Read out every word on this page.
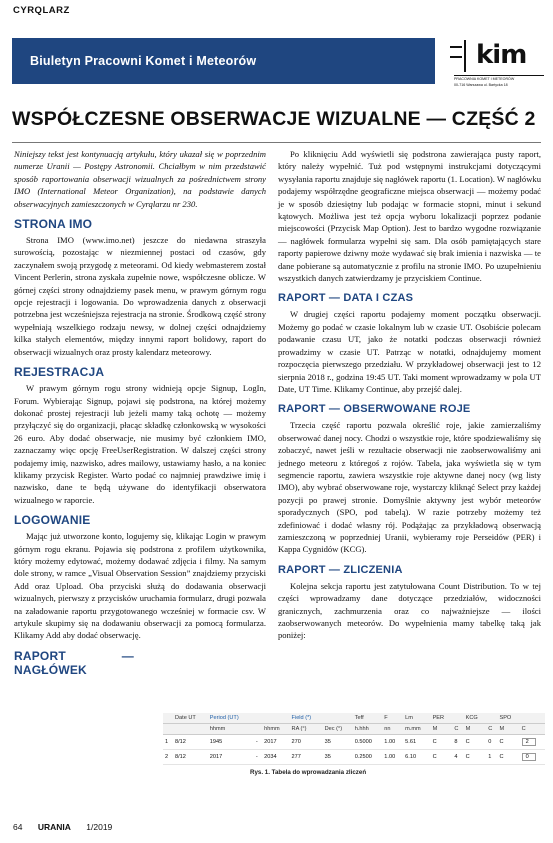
CYRQLARZ
Biuletyn Pracowni Komet i Meteorów	kim
PRACOWNIA KOMET I METEORÓW
00-716 Warszawa ul. Bartycka 18
WSPÓŁCZESNE OBSERWACJE WIZUALNE — CZĘŚĆ 2

Niniejszy tekst jest kontynuacją artykułu, który ukazał się w poprzednim numerze Uranii — Postępy Astronomii. Chciałbym w nim przedstawić sposób raportowania obserwacji wizualnych za pośrednictwem strony IMO (International Meteor Organization), na podstawie danych obserwacyjnych zamieszczonych w Cyrqlarzu nr 230.

STRONA IMO

Strona IMO (www.imo.net) jeszcze do niedawna straszyła surowością, pozostając w niezmiennej postaci od czasów, gdy zaczynałem swoją przygodę z meteorami. Od kiedy webmasterem został Vincent Perlerin, strona zyskała zupełnie nowe, współczesne oblicze. W górnej części strony odnajdziemy pasek menu, w prawym górnym rogu opcje rejestracji i logowania. Do wprowadzenia danych z obserwacji potrzebna jest wcześniejsza rejestracja na stronie. Środkową część strony wypełniają wszelkiego rodzaju newsy, w dolnej części odnajdziemy kilka stałych elementów, między innymi raport bolidowy, raport do obserwacji wizualnych oraz prosty kalendarz meteorowy.

REJESTRACJA

W prawym górnym rogu strony widnieją opcje Signup, LogIn, Forum. Wybierając Signup, pojawi się podstrona, na której możemy dokonać prostej rejestracji lub jeżeli mamy taką ochotę — możemy przyłączyć się do organizacji, płacąc składkę członkowską w wysokości 26 euro. Aby dodać obserwacje, nie musimy być członkiem IMO, zaznaczamy więc opcję FreeUserRegistration. W dalszej części strony podajemy imię, nazwisko, adres mailowy, ustawiamy hasło, a na koniec klikamy przycisk Register. Warto podać co najmniej prawdziwe imię i nazwisko, dane te będą używane do identyfikacji obserwatora wizualnego w raporcie.

LOGOWANIE

Mając już utworzone konto, logujemy się, klikając Login w prawym górnym rogu ekranu. Pojawia się podstrona z profilem użytkownika, który możemy edytować, możemy dodawać zdjęcia i filmy. Na samym dole strony, w ramce „Visual Observation Session” znajdziemy przyciski Add oraz Upload. Oba przyciski służą do dodawania obserwacji wizualnych, pierwszy z przycisków uruchamia formularz, drugi pozwala na załadowanie raportu przygotowanego wcześniej w formacie csv. W artykule skupimy się na dodawaniu obserwacji za pomocą formularza. Klikamy Add aby dodać obserwację.

RAPORT — NAGŁÓWEK

Po kliknięciu Add wyświetli się podstrona zawierająca pusty raport, który należy wypełnić. Tuż pod wstępnymi instrukcjami dotyczącymi wysyłania raportu znajduje się nagłówek raportu (1. Location). W nagłówku podajemy współrzędne geograficzne miejsca obserwacji — możemy podać je w sposób dziesiętny lub podając w formacie stopni, minut i sekund kątowych. Możliwa jest też opcja wyboru lokalizacji poprzez podanie miejscowości (Przycisk Map Option). Jest to bardzo wygodne rozwiązanie — nagłówek formularza wypełni się sam. Dla osób pamiętających stare raporty papierowe dziwny może wydawać się brak imienia i nazwiska — te dane pobierane są automatycznie z profilu na stronie IMO. Po uzupełnieniu wszystkich danych zatwierdzamy je przyciskiem Continue.

RAPORT — DATA I CZAS

W drugiej części raportu podajemy moment początku obserwacji. Możemy go podać w czasie lokalnym lub w czasie UT. Osobiście polecam podawanie czasu UT, jako że notatki podczas obserwacji również prowadzimy w czasie UT. Patrząc w notatki, odnajdujemy moment rozpoczęcia pierwszego przedziału. W przykładowej obserwacji jest to 12 sierpnia 2018 r., godzina 19:45 UT. Taki moment wprowadzamy w pola UT Date, UT Time. Klikamy Continue, aby przejść dalej.

RAPORT — OBSERWOWANE ROJE

Trzecia część raportu pozwala określić roje, jakie zamierzaliśmy obserwować danej nocy. Chodzi o wszystkie roje, które spodziewaliśmy się zobaczyć, nawet jeśli w rezultacie obserwacji nie zaobserwowaliśmy ani jednego meteoru z któregoś z rojów. Tabela, jaka wyświetla się w tym segmencie raportu, zawiera wszystkie roje aktywne danej nocy (wg listy IMO), aby wybrać obserwowane roje, wystarczy kliknąć Select przy każdej pozycji po prawej stronie. Domyślnie aktywny jest wybór meteorów sporadycznych (SPO, pod tabelą). W razie potrzeby możemy też zdefiniować i dodać własny rój. Podążając za przykładową obserwacją zamieszczoną w poprzedniej Uranii, wybieramy roje Perseidów (PER) i Kappa Cygnidów (KCG).

RAPORT — ZLICZENIA

Kolejna sekcja raportu jest zatytułowana Count Distribution. To w tej części wprowadzamy dane dotyczące przedziałów, widoczności granicznych, zachmurzenia oraz co najważniejsze — ilości zaobserwowanych meteorów. Do wypełnienia mamy tabelkę taką jak poniżej:

	Date UT	Period (UT)			Field (*)		Teff	F	Lm	PER		KCG		SPO	
		hhmm		hhmm	RA (°)	Dec (°)	h.hhh	nn	m.mm	M	C	M	C	M	C
1	8/12	1945	-	2017	270	35	0.5000	1.00	5.61	C	8	C	0	C	2
2	8/12	2017	-	2034	277	35	0.2500	1.00	6.10	C	4	C	1	C	0
Rys. 1. Tabela do wprowadzania zliczeń
64 URANIA 1/2019
